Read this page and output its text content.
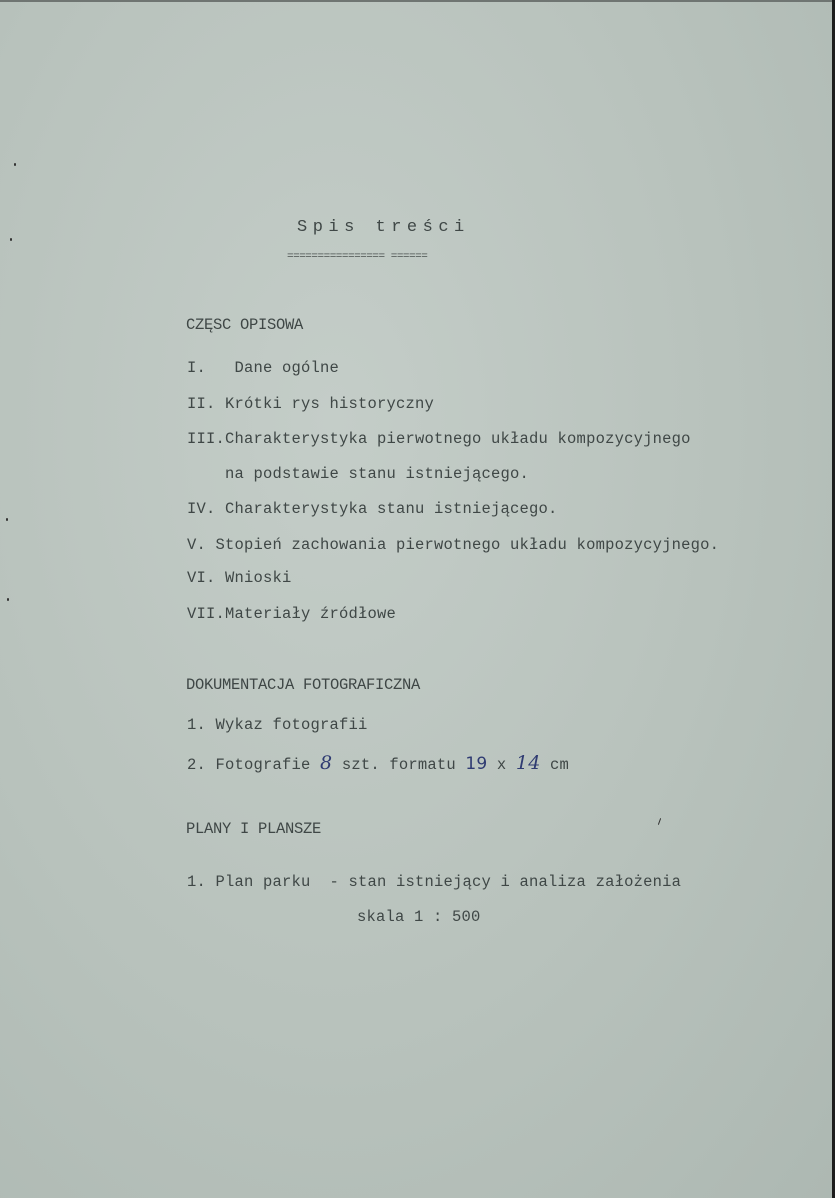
Spis treści
================ ======
CZĘSC OPISOWA
I.   Dane ogólne
II. Krótki rys historyczny
III.Charakterystyka pierwotnego układu kompozycyjnego
na podstawie stanu istniejącego.
IV. Charakterystyka stanu istniejącego.
V. Stopień zachowania pierwotnego układu kompozycyjnego.
VI. Wnioski
VII.Materiały źródłowe
DOKUMENTACJA FOTOGRAFICZNA
1. Wykaz fotografii
2. Fotografie 8 szt. formatu 19 x 14 cm
PLANY I PLANSZE
1. Plan parku  - stan istniejący i analiza założenia
skala 1 : 500
